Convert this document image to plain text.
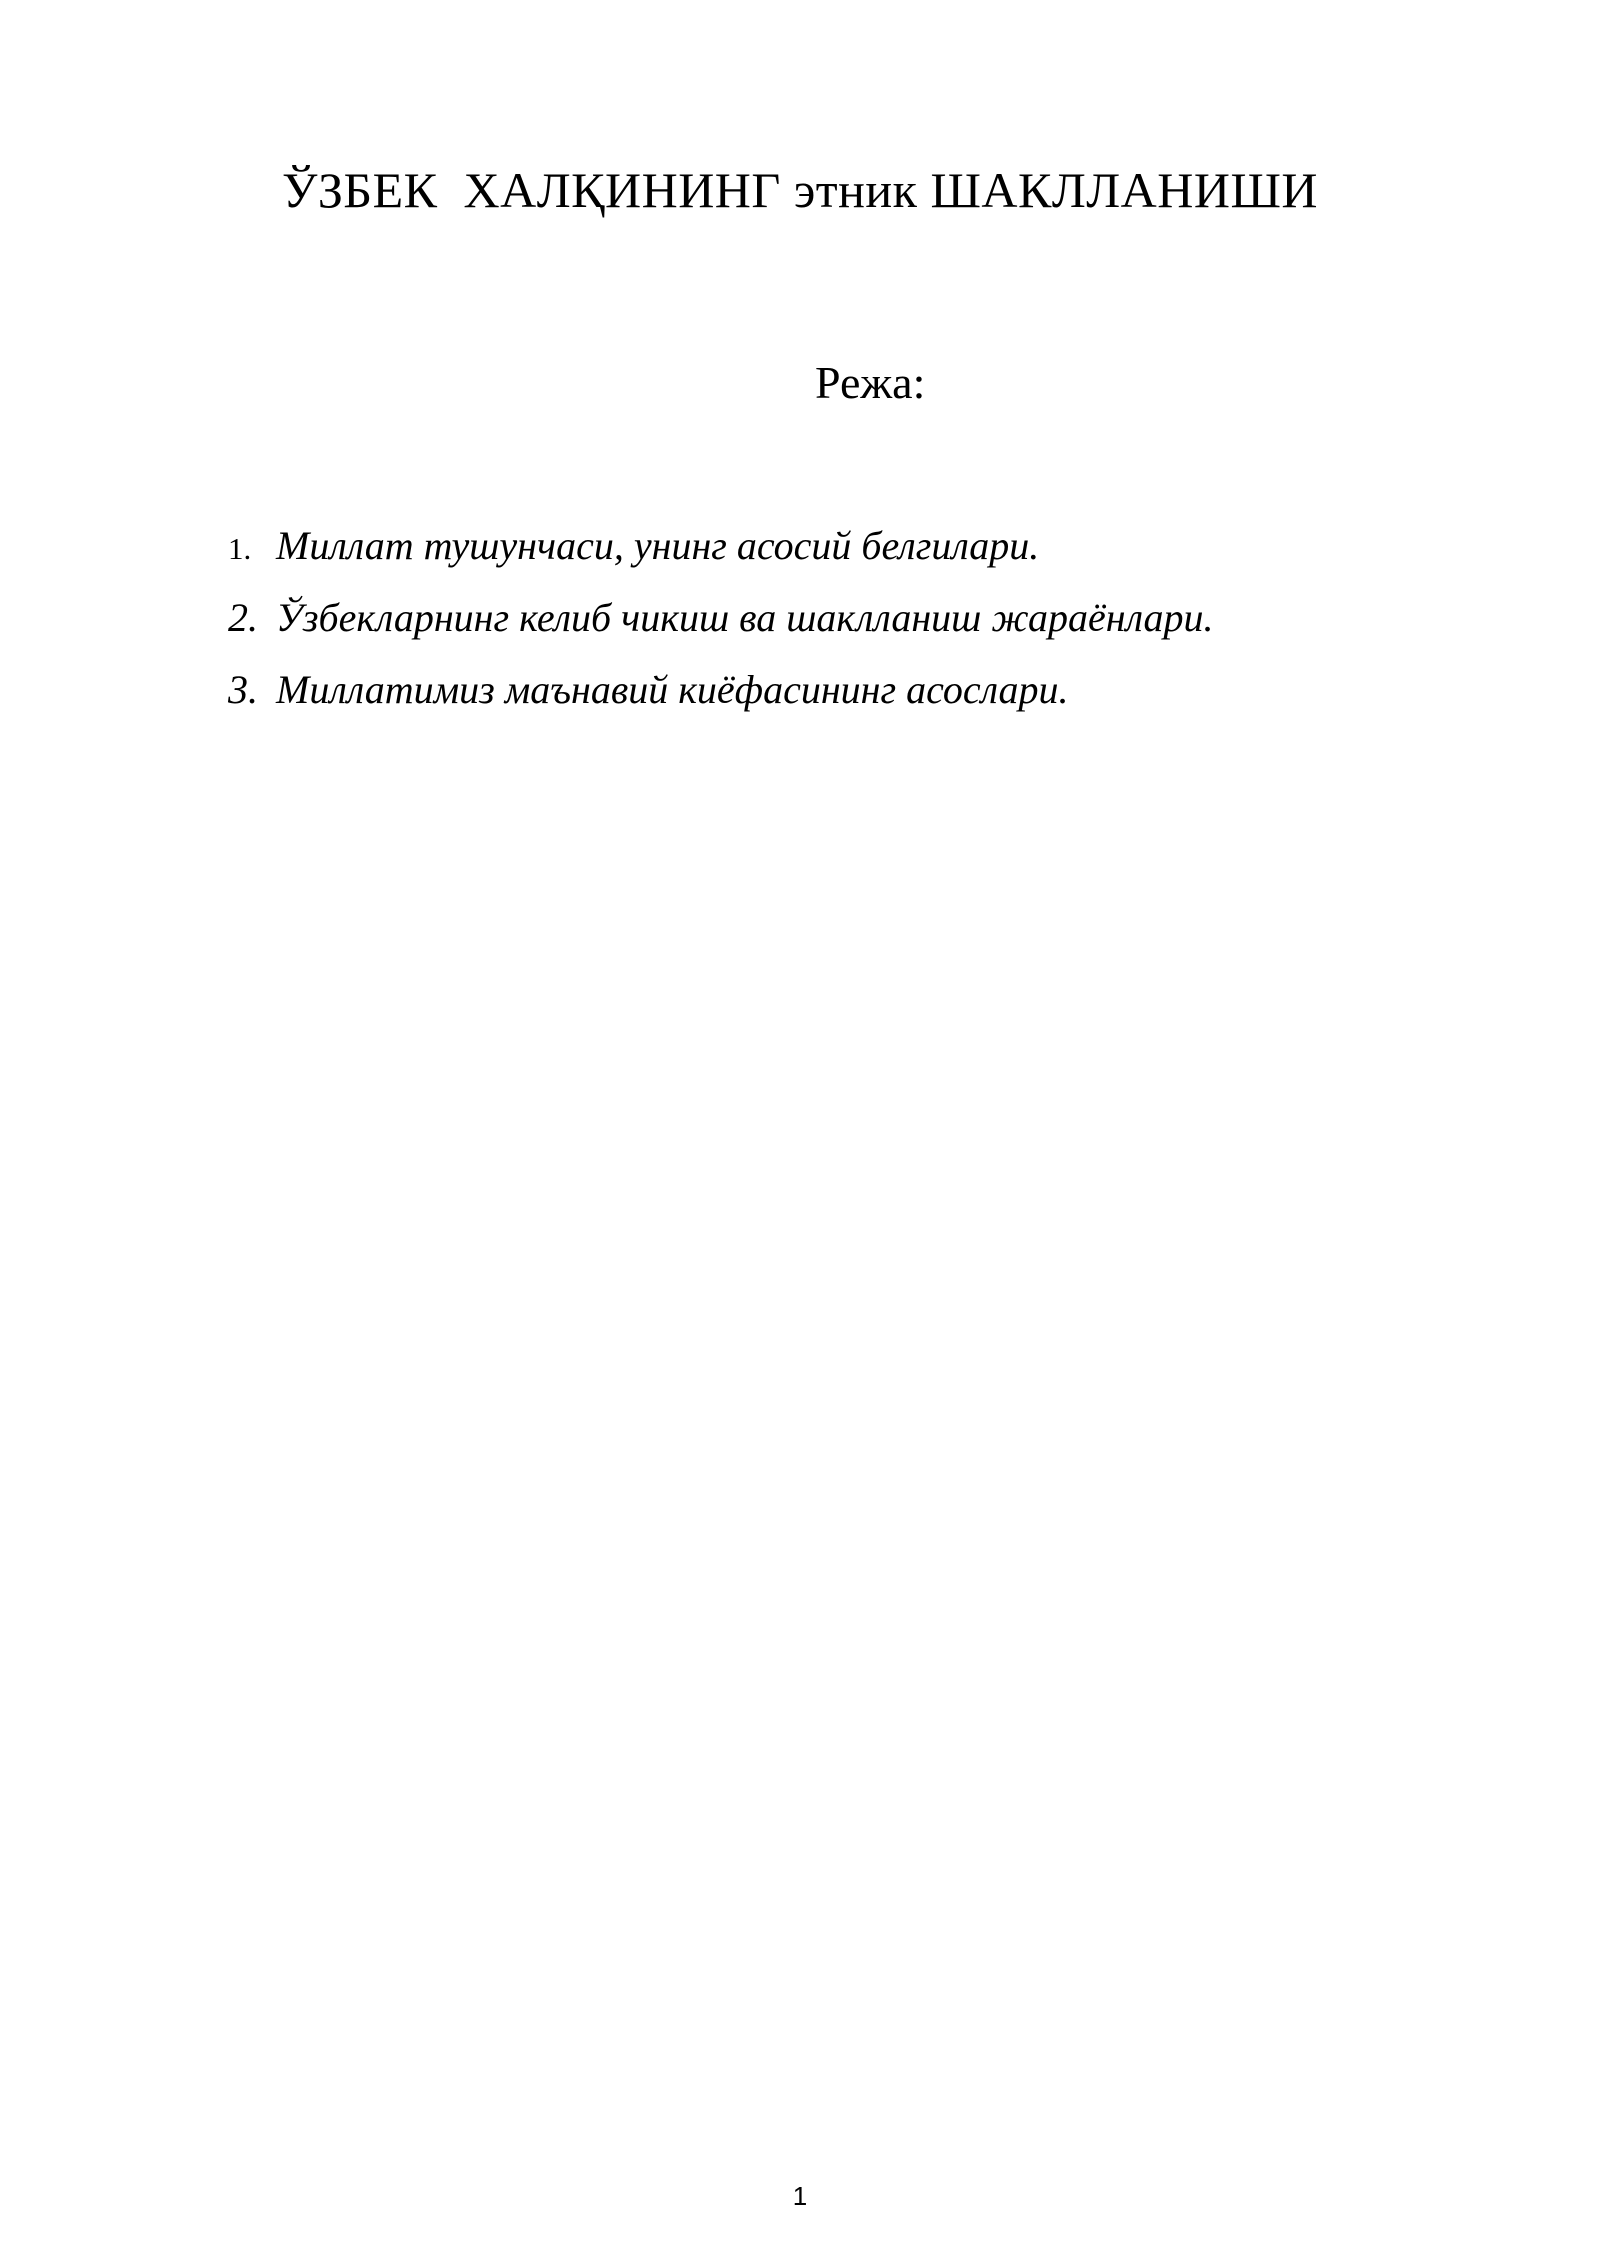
ЎЗБЕК  ХАЛҚИНИНГ этник ШАКЛЛАНИШИ
Режа:
1. Миллат тушунчаси, унинг асосий белгилари.
2. Ўзбекларнинг келиб чикиш ва шаклланиш жараёнлари.
3. Миллатимиз маънавий киёфасининг асослари.
1
